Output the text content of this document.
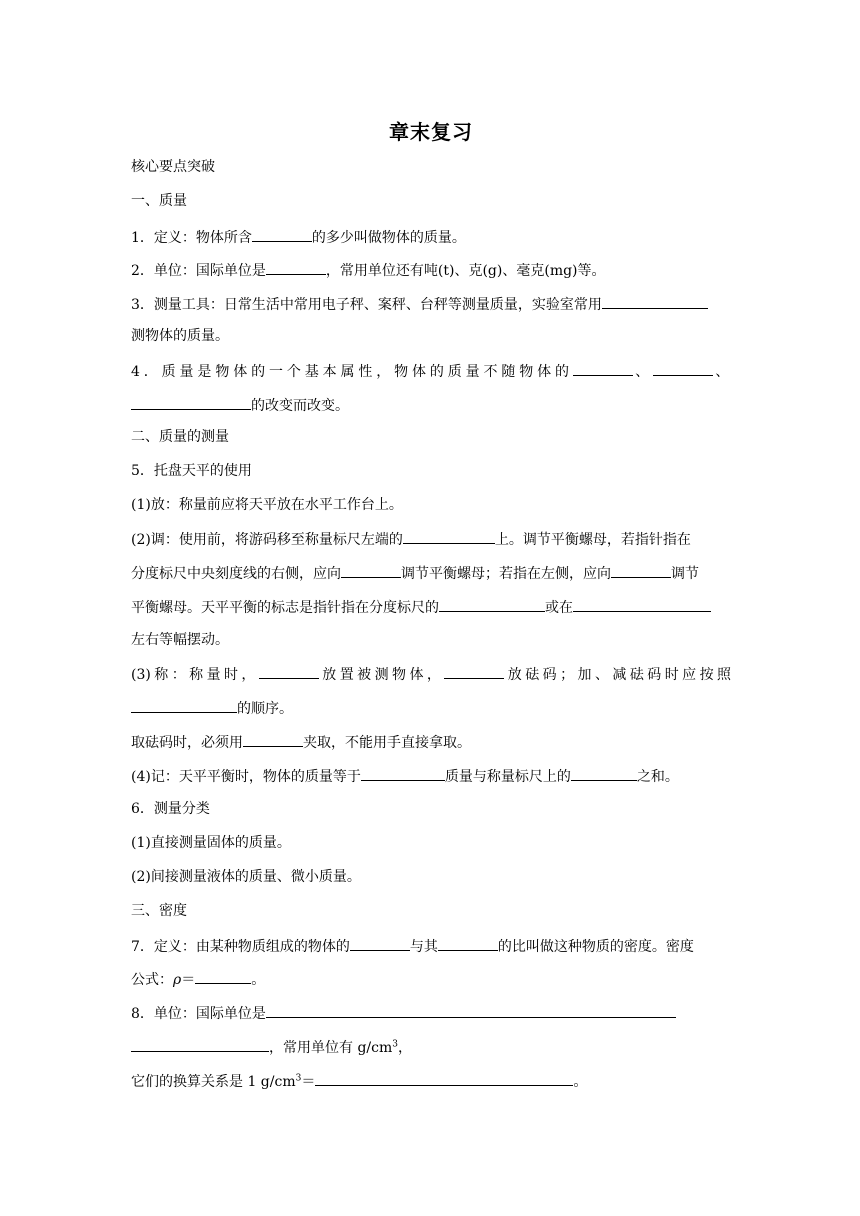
章末复习
核心要点突破
一、质量
1．定义：物体所含	的多少叫做物体的质量。
2．单位：国际单位是	，常用单位还有吨(t)、克(g)、毫克(mg)等。
3．测量工具：日常生活中常用电子秤、案秤、台秤等测量质量，实验室常用
测物体的质量。
4．质量是物体的一个基本属性，物体的质量不随物体的	、	、
的改变而改变。
二、质量的测量
5．托盘天平的使用
(1)放：称量前应将天平放在水平工作台上。
(2)调：使用前，将游码移至称量标尺左端的	上。调节平衡螺母，若指针指在
分度标尺中央刻度线的右侧，应向	调节平衡螺母；若指在左侧，应向	调节
平衡螺母。天平平衡的标志是指针指在分度标尺的	或在
左右等幅摆动。
(3)称：称量时，	放置被测物体，	放砝码；加、减砝码时应按照
的顺序。
取砝码时，必须用	夹取，不能用手直接拿取。
(4)记：天平平衡时，物体的质量等于	质量与称量标尺上的	之和。
6．测量分类
(1)直接测量固体的质量。
(2)间接测量液体的质量、微小质量。
三、密度
7．定义：由某种物质组成的物体的	与其	的比叫做这种物质的密度。密度
公式：ρ＝	。
8．单位：国际单位是
，常用单位有 $g/cm^3$，
它们的换算关系是 1 $g/cm^3=$	。
